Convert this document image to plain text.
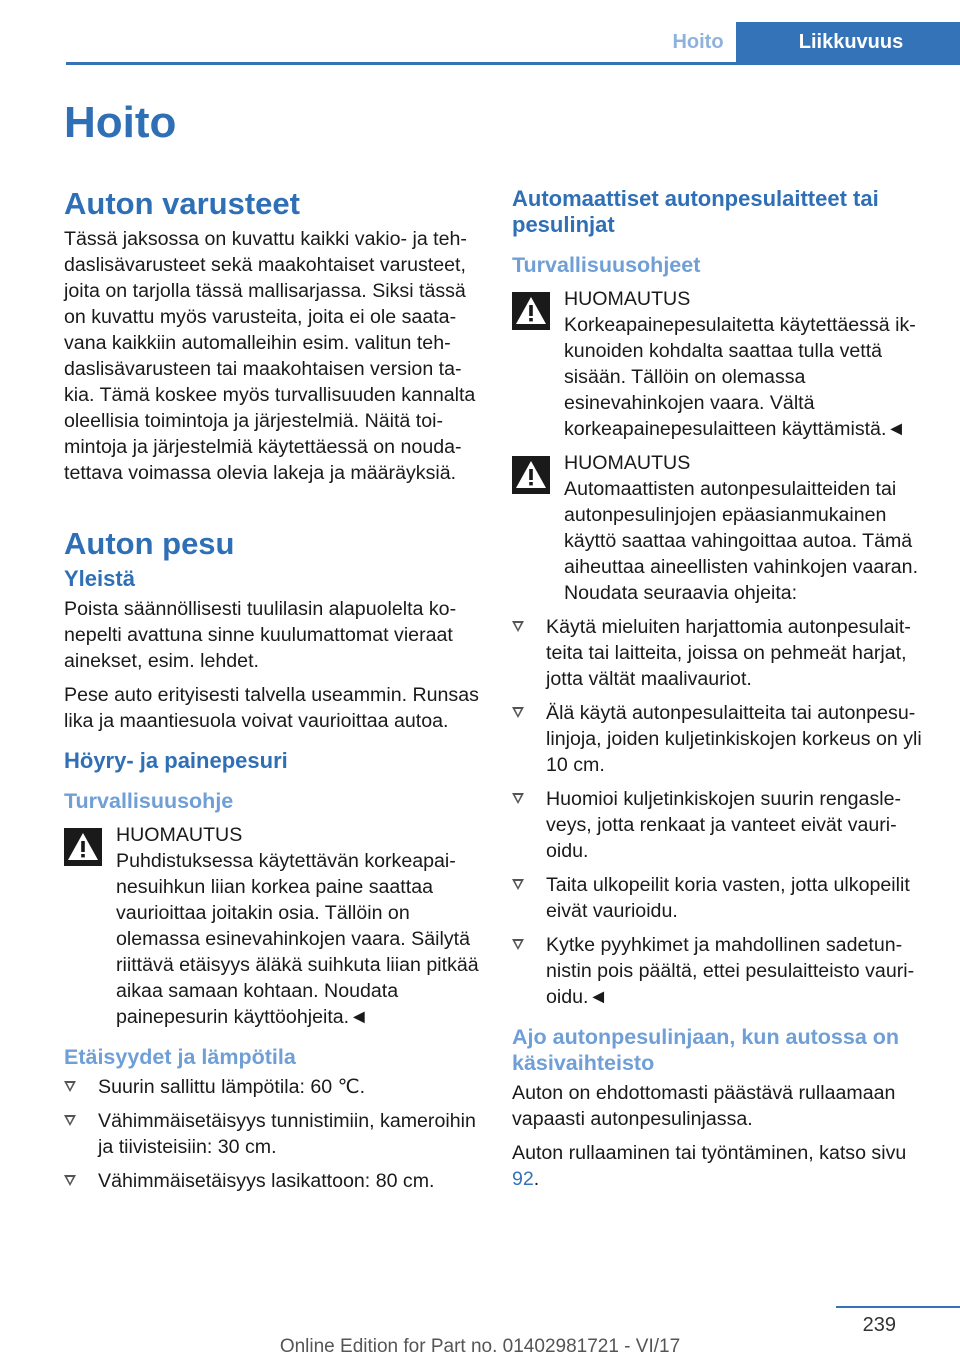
Hoito	Liikkuvuus
Hoito
Auton varusteet

Tässä jaksossa on kuvattu kaikki vakio- ja tehdaslisävarusteet sekä maakohtaiset varusteet, joita on tarjolla tässä mallisarjassa. Siksi tässä on kuvattu myös varusteita, joita ei ole saatavana kaikkiin automalleihin esim. valitun tehdaslisävarusteen tai maakohtaisen version takia. Tämä koskee myös turvallisuuden kannalta oleellisia toimintoja ja järjestelmiä. Näitä toimintoja ja järjestelmiä käytettäessä on noudatettava voimassa olevia lakeja ja määräyksiä.

Auton pesu
Yleistä

Poista säännöllisesti tuulilasin alapuolelta konepelti avattuna sinne kuulumattomat vieraat ainekset, esim. lehdet.

Pese auto erityisesti talvella useammin. Runsas lika ja maantiesuola voivat vaurioittaa autoa.

Höyry- ja painepesuri
Turvallisuusohje
HUOMAUTUS
Puhdistuksessa käytettävän korkeapainesuihkun liian korkea paine saattaa vaurioittaa joitakin osia. Tällöin on olemassa esinevahinkojen vaara. Säilytä riittävä etäisyys äläkä suihkuta liian pitkää aikaa samaan kohtaan. Noudata painepesurin käyttöohjeita.◄
Etäisyydet ja lämpötila
Suurin sallittu lämpötila: 60 ℃.
Vähimmäisetäisyys tunnistimiin, kameroihin ja tiivisteisiin: 30 cm.
Vähimmäisetäisyys lasikattoon: 80 cm.
Automaattiset autonpesulaitteet tai pesulinjat
Turvallisuusohjeet
HUOMAUTUS
Korkeapainepesulaitetta käytettäessä ikkunoiden kohdalta saattaa tulla vettä sisään. Tällöin on olemassa esinevahinkojen vaara. Vältä korkeapainepesulaitteen käyttämistä.◄
HUOMAUTUS
Automaattisten autonpesulaitteiden tai autonpesulinjojen epäasianmukainen käyttö saattaa vahingoittaa autoa. Tämä aiheuttaa aineellisten vahinkojen vaaran. Noudata seuraavia ohjeita:
Käytä mieluiten harjattomia autonpesulaitteita tai laitteita, joissa on pehmeät harjat, jotta vältät maalivauriot.
Älä käytä autonpesulaitteita tai autonpesulinjoja, joiden kuljetinkiskojen korkeus on yli 10 cm.
Huomioi kuljetinkiskojen suurin rengasleveys, jotta renkaat ja vanteet eivät vaurioidu.
Taita ulkopeilit koria vasten, jotta ulkopeilit eivät vaurioidu.
Kytke pyyhkimet ja mahdollinen sadetunnistin pois päältä, ettei pesulaitteisto vaurioidu.◄
Ajo autonpesulinjaan, kun autossa on käsivaihteisto

Auton on ehdottomasti päästävä rullaamaan vapaasti autonpesulinjassa.

Auton rullaaminen tai työntäminen, katso sivu 92.

239
Online Edition for Part no. 01402981721 - VI/17
